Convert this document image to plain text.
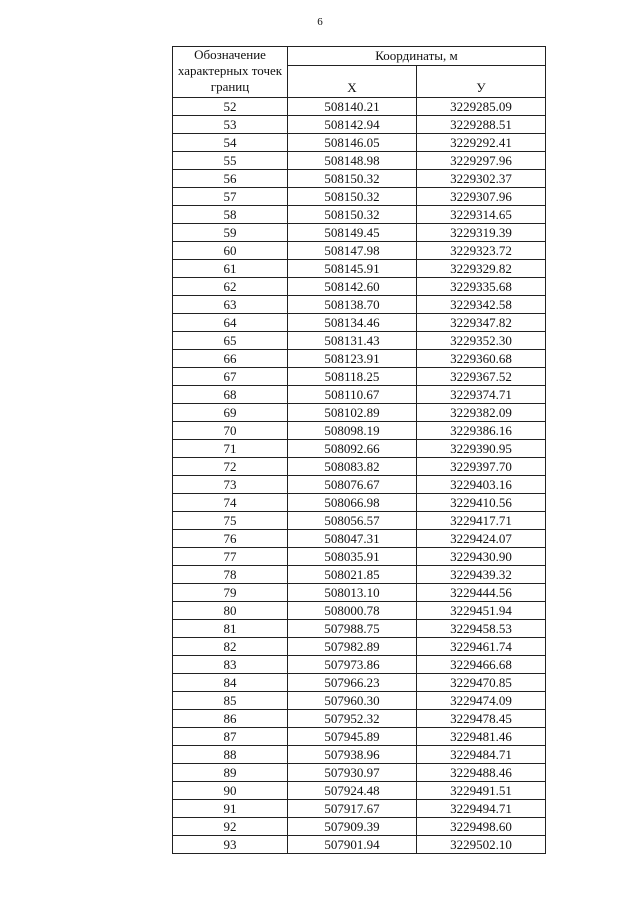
6
Обозначение характерных точек границ	Координаты, м	
	Х	У
52	508140.21	3229285.09
53	508142.94	3229288.51
54	508146.05	3229292.41
55	508148.98	3229297.96
56	508150.32	3229302.37
57	508150.32	3229307.96
58	508150.32	3229314.65
59	508149.45	3229319.39
60	508147.98	3229323.72
61	508145.91	3229329.82
62	508142.60	3229335.68
63	508138.70	3229342.58
64	508134.46	3229347.82
65	508131.43	3229352.30
66	508123.91	3229360.68
67	508118.25	3229367.52
68	508110.67	3229374.71
69	508102.89	3229382.09
70	508098.19	3229386.16
71	508092.66	3229390.95
72	508083.82	3229397.70
73	508076.67	3229403.16
74	508066.98	3229410.56
75	508056.57	3229417.71
76	508047.31	3229424.07
77	508035.91	3229430.90
78	508021.85	3229439.32
79	508013.10	3229444.56
80	508000.78	3229451.94
81	507988.75	3229458.53
82	507982.89	3229461.74
83	507973.86	3229466.68
84	507966.23	3229470.85
85	507960.30	3229474.09
86	507952.32	3229478.45
87	507945.89	3229481.46
88	507938.96	3229484.71
89	507930.97	3229488.46
90	507924.48	3229491.51
91	507917.67	3229494.71
92	507909.39	3229498.60
93	507901.94	3229502.10
